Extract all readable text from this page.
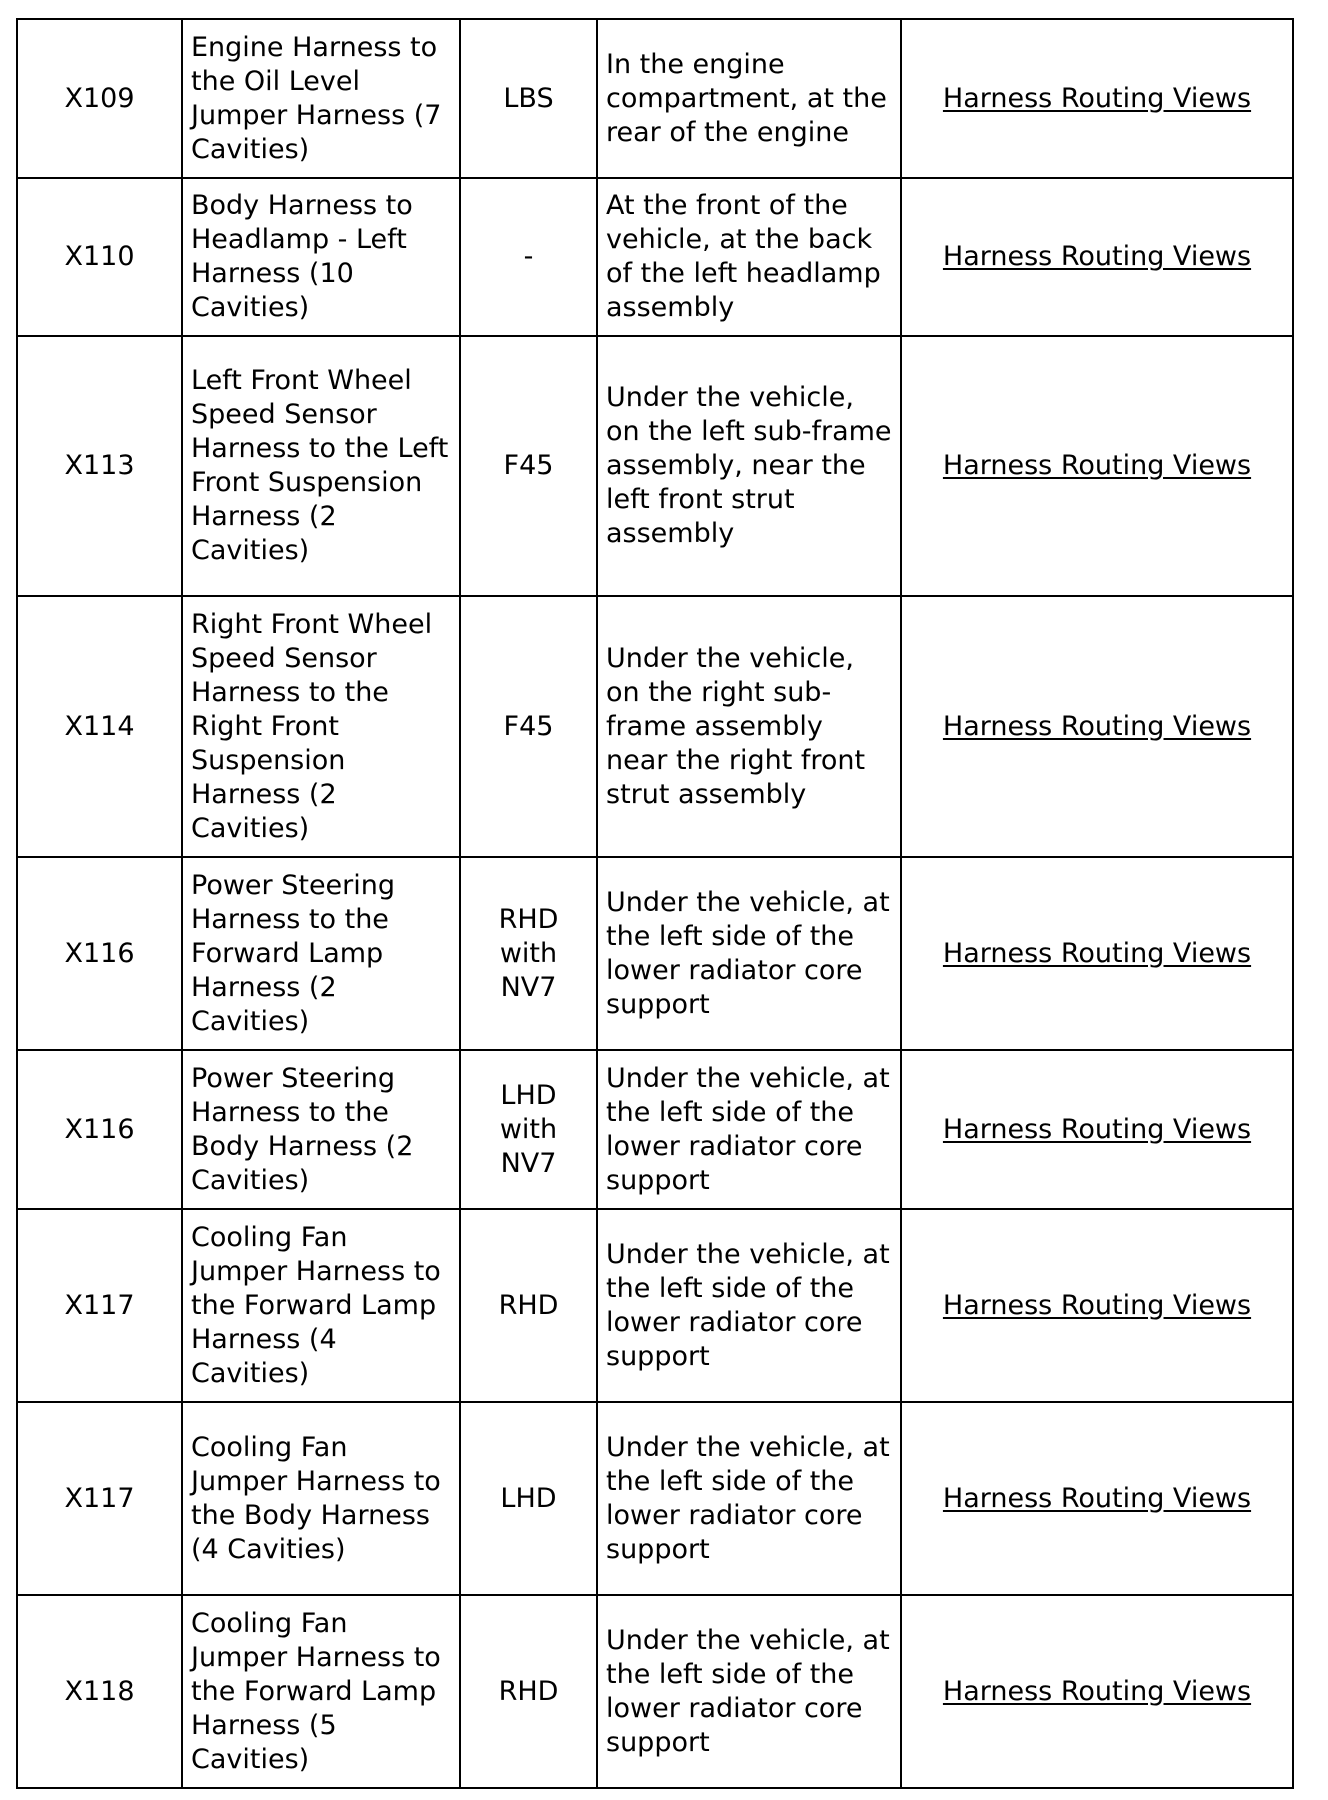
X109	Engine Harness to the Oil Level Jumper Harness (7 Cavities)	LBS	In the engine compartment, at the rear of the engine	Harness Routing Views
X110	Body Harness to Headlamp - Left Harness (10 Cavities)	-	At the front of the vehicle, at the back of the left headlamp assembly	Harness Routing Views
X113	Left Front Wheel Speed Sensor Harness to the Left Front Suspension Harness (2 Cavities)	F45	Under the vehicle, on the left sub-frame assembly, near the left front strut assembly	Harness Routing Views
X114	Right Front Wheel Speed Sensor Harness to the Right Front Suspension Harness (2 Cavities)	F45	Under the vehicle, on the right sub-frame assembly near the right front strut assembly	Harness Routing Views
X116	Power Steering Harness to the Forward Lamp Harness (2 Cavities)	RHD with NV7	Under the vehicle, at the left side of the lower radiator core support	Harness Routing Views
X116	Power Steering Harness to the Body Harness (2 Cavities)	LHD with NV7	Under the vehicle, at the left side of the lower radiator core support	Harness Routing Views
X117	Cooling Fan Jumper Harness to the Forward Lamp Harness (4 Cavities)	RHD	Under the vehicle, at the left side of the lower radiator core support	Harness Routing Views
X117	Cooling Fan Jumper Harness to the Body Harness (4 Cavities)	LHD	Under the vehicle, at the left side of the lower radiator core support	Harness Routing Views
X118	Cooling Fan Jumper Harness to the Forward Lamp Harness (5 Cavities)	RHD	Under the vehicle, at the left side of the lower radiator core support	Harness Routing Views
